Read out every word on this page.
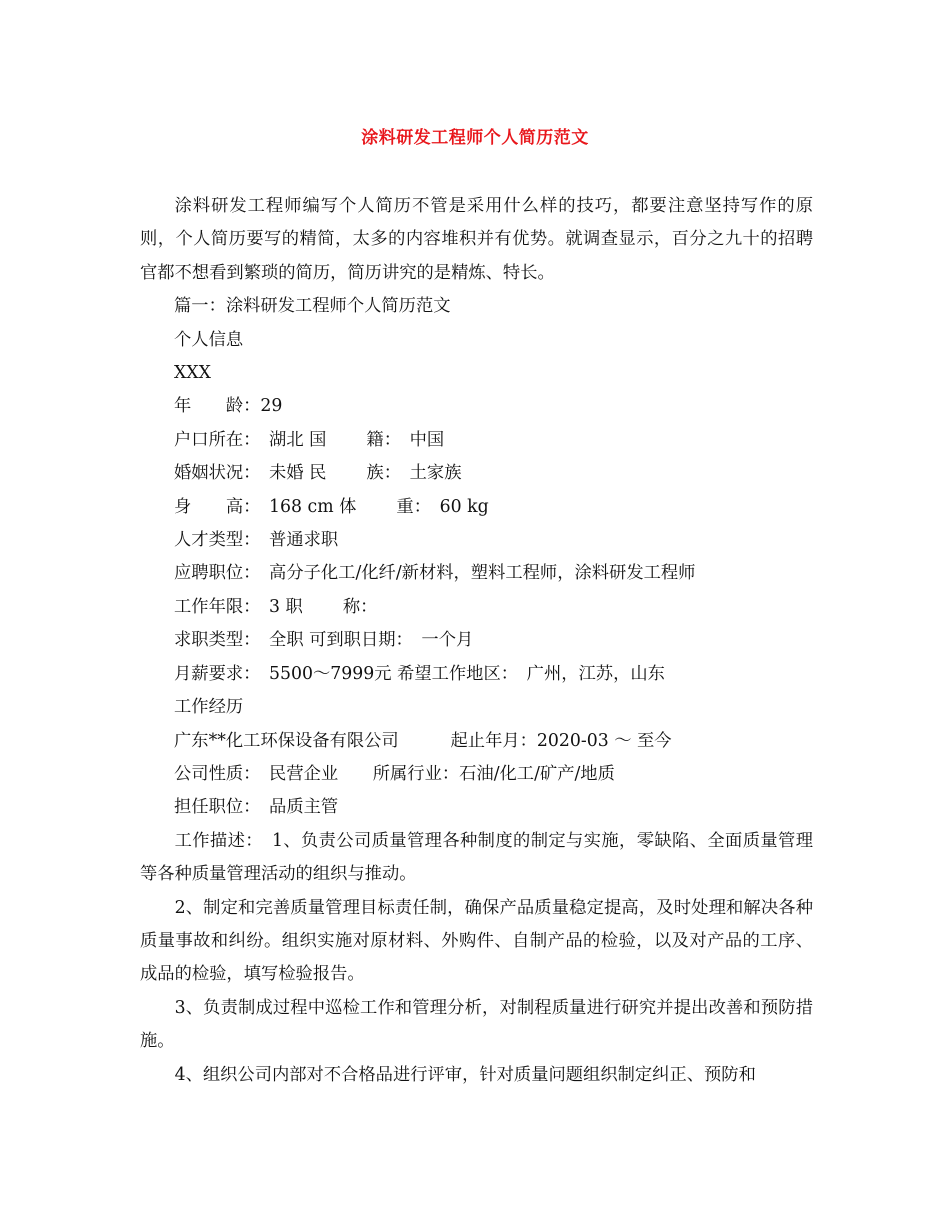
涂料研发工程师个人简历范文

涂料研发工程师编写个人简历不管是采用什么样的技巧，都要注意坚持写作的原则，个人简历要写的精简，太多的内容堆积并有优势。就调查显示，百分之九十的招聘官都不想看到繁琐的简历，简历讲究的是精炼、特长。

篇一：涂料研发工程师个人简历范文

个人信息

XXX

年　　龄：29

户口所在：　湖北 国　　 籍：　中国

婚姻状况：　未婚 民　　 族：　土家族

身　　高：　168 cm 体　　 重：　60 kg

人才类型：　普通求职

应聘职位：　高分子化工/化纤/新材料，塑料工程师，涂料研发工程师

工作年限：　3 职　　 称：

求职类型：　全职 可到职日期：　一个月

月薪要求：　5500～7999元 希望工作地区：　广州，江苏，山东

工作经历

广东**化工环保设备有限公司　　　起止年月：2020-03 ～ 至今

公司性质：　民营企业　　所属行业：石油/化工/矿产/地质

担任职位：　品质主管

工作描述：　1、负责公司质量管理各种制度的制定与实施，零缺陷、全面质量管理等各种质量管理活动的组织与推动。

2、制定和完善质量管理目标责任制，确保产品质量稳定提高，及时处理和解决各种质量事故和纠纷。组织实施对原材料、外购件、自制产品的检验，以及对产品的工序、成品的检验，填写检验报告。

3、负责制成过程中巡检工作和管理分析，对制程质量进行研究并提出改善和预防措施。

4、组织公司内部对不合格品进行评审，针对质量问题组织制定纠正、预防和
